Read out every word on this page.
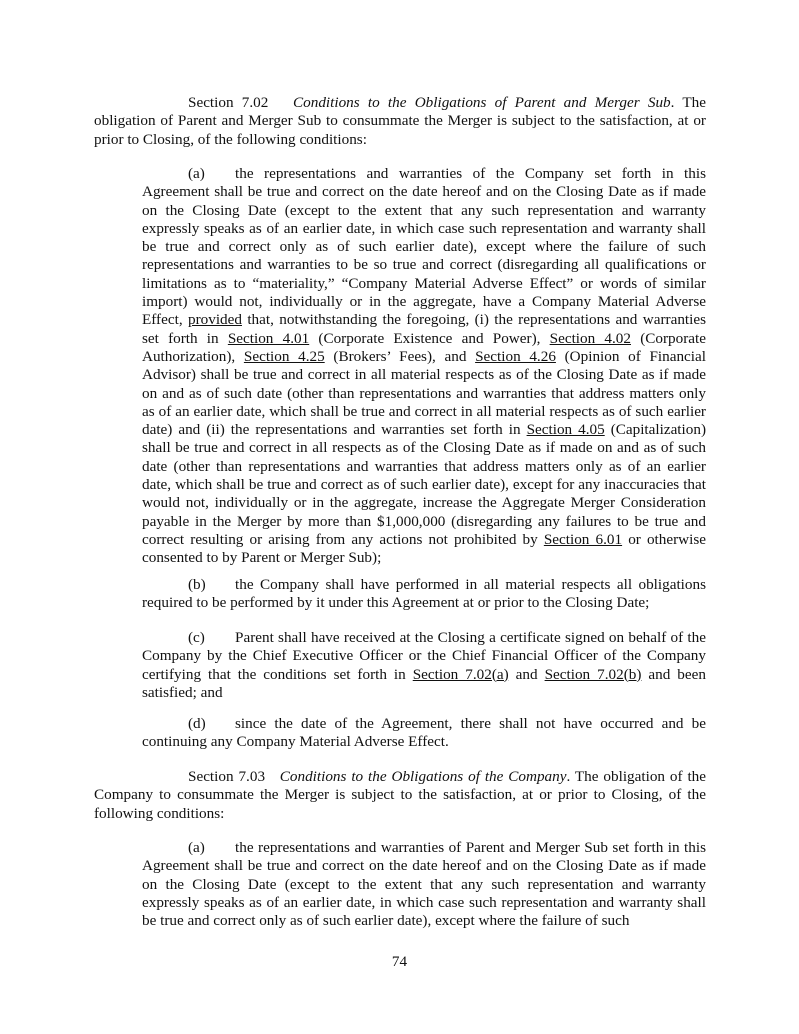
Section 7.02 Conditions to the Obligations of Parent and Merger Sub. The obligation of Parent and Merger Sub to consummate the Merger is subject to the satisfaction, at or prior to Closing, of the following conditions:

(a) the representations and warranties of the Company set forth in this Agreement shall be true and correct on the date hereof and on the Closing Date as if made on the Closing Date (except to the extent that any such representation and warranty expressly speaks as of an earlier date, in which case such representation and warranty shall be true and correct only as of such earlier date), except where the failure of such representations and warranties to be so true and correct (disregarding all qualifications or limitations as to “materiality,” “Company Material Adverse Effect” or words of similar import) would not, individually or in the aggregate, have a Company Material Adverse Effect, provided that, notwithstanding the foregoing, (i) the representations and warranties set forth in Section 4.01 (Corporate Existence and Power), Section 4.02 (Corporate Authorization), Section 4.25 (Brokers’ Fees), and Section 4.26 (Opinion of Financial Advisor) shall be true and correct in all material respects as of the Closing Date as if made on and as of such date (other than representations and warranties that address matters only as of an earlier date, which shall be true and correct in all material respects as of such earlier date) and (ii) the representations and warranties set forth in Section 4.05 (Capitalization) shall be true and correct in all respects as of the Closing Date as if made on and as of such date (other than representations and warranties that address matters only as of an earlier date, which shall be true and correct as of such earlier date), except for any inaccuracies that would not, individually or in the aggregate, increase the Aggregate Merger Consideration payable in the Merger by more than $1,000,000 (disregarding any failures to be true and correct resulting or arising from any actions not prohibited by Section 6.01 or otherwise consented to by Parent or Merger Sub);

(b) the Company shall have performed in all material respects all obligations required to be performed by it under this Agreement at or prior to the Closing Date;

(c) Parent shall have received at the Closing a certificate signed on behalf of the Company by the Chief Executive Officer or the Chief Financial Officer of the Company certifying that the conditions set forth in Section 7.02(a) and Section 7.02(b) and been satisfied; and

(d) since the date of the Agreement, there shall not have occurred and be continuing any Company Material Adverse Effect.

Section 7.03 Conditions to the Obligations of the Company. The obligation of the Company to consummate the Merger is subject to the satisfaction, at or prior to Closing, of the following conditions:

(a) the representations and warranties of Parent and Merger Sub set forth in this Agreement shall be true and correct on the date hereof and on the Closing Date as if made on the Closing Date (except to the extent that any such representation and warranty expressly speaks as of an earlier date, in which case such representation and warranty shall be true and correct only as of such earlier date), except where the failure of such

74
